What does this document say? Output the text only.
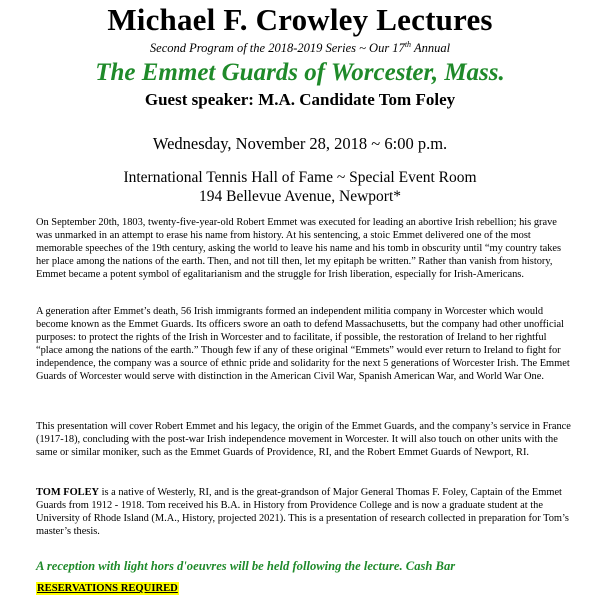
Michael F. Crowley Lectures
Second Program of the 2018-2019 Series ~ Our 17th Annual
The Emmet Guards of Worcester, Mass.
Guest speaker: M.A. Candidate Tom Foley
Wednesday, November 28, 2018 ~ 6:00 p.m.
International Tennis Hall of Fame ~ Special Event Room
194 Bellevue Avenue, Newport*

On September 20th, 1803, twenty-five-year-old Robert Emmet was executed for leading an abortive Irish rebellion; his grave was unmarked in an attempt to erase his name from history. At his sentencing, a stoic Emmet delivered one of the most memorable speeches of the 19th century, asking the world to leave his name and his tomb in obscurity until “my country takes her place among the nations of the earth. Then, and not till then, let my epitaph be written.” Rather than vanish from history, Emmet became a potent symbol of egalitarianism and the struggle for Irish liberation, especially for Irish-Americans.

A generation after Emmet’s death, 56 Irish immigrants formed an independent militia company in Worcester which would become known as the Emmet Guards. Its officers swore an oath to defend Massachusetts, but the company had other unofficial purposes: to protect the rights of the Irish in Worcester and to facilitate, if possible, the restoration of Ireland to her rightful “place among the nations of the earth.” Though few if any of these original “Emmets” would ever return to Ireland to fight for independence, the company was a source of ethnic pride and solidarity for the next 5 generations of Worcester Irish. The Emmet Guards of Worcester would serve with distinction in the American Civil War, Spanish American War, and World War One.

This presentation will cover Robert Emmet and his legacy, the origin of the Emmet Guards, and the company’s service in France (1917-18), concluding with the post-war Irish independence movement in Worcester. It will also touch on other units with the same or similar moniker, such as the Emmet Guards of Providence, RI, and the Robert Emmet Guards of Newport, RI.

TOM FOLEY is a native of Westerly, RI, and is the great-grandson of Major General Thomas F. Foley, Captain of the Emmet Guards from 1912 - 1918. Tom received his B.A. in History from Providence College and is now a graduate student at the University of Rhode Island (M.A., History, projected 2021). This is a presentation of research collected in preparation for Tom’s master’s thesis.

A reception with light hors d'oeuvres will be held following the lecture. Cash Bar
RESERVATIONS REQUIRED
